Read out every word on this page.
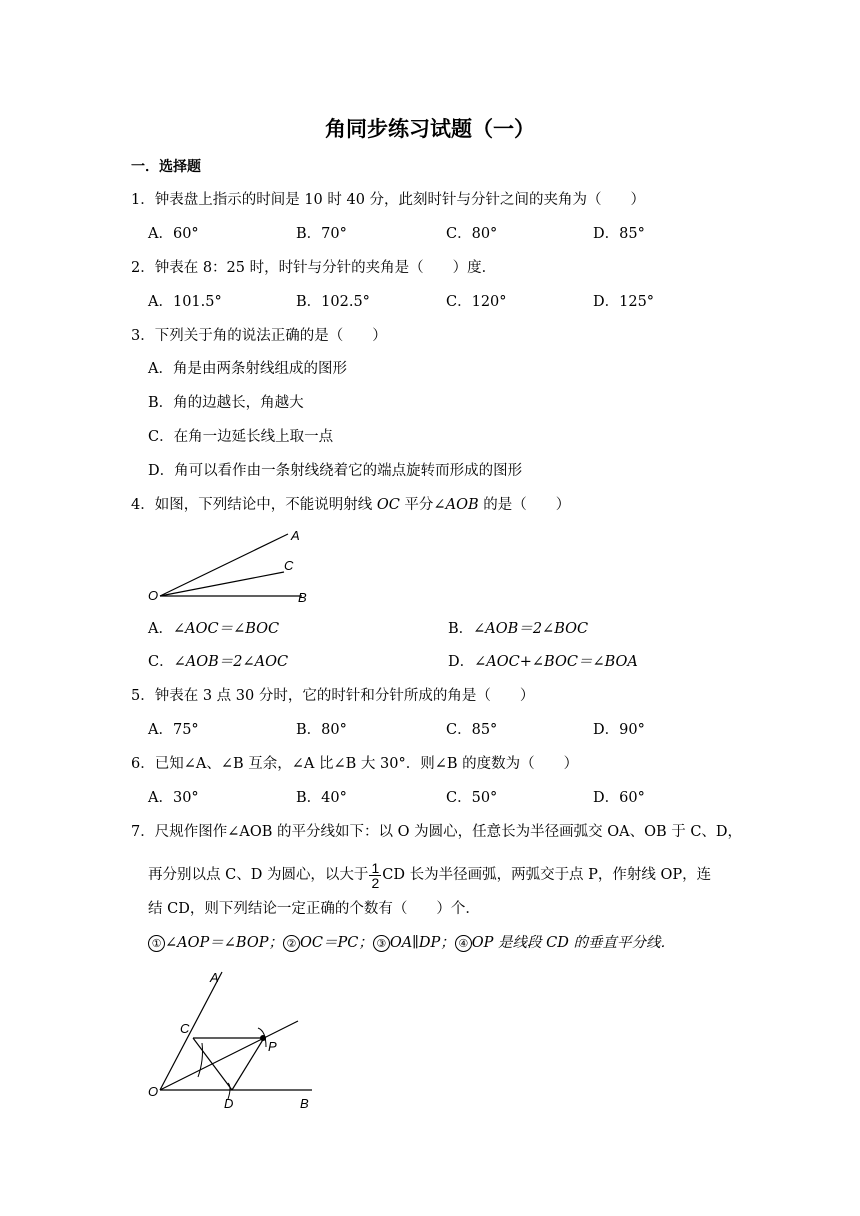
角同步练习试题（一）
一．选择题
1．钟表盘上指示的时间是 10 时 40 分，此刻时针与分针之间的夹角为（　　）
A．60°	B．70°	C．80°	D．85°
2．钟表在 8：25 时，时针与分针的夹角是（　　）度．
A．101.5°	B．102.5°	C．120°	D．125°
3．下列关于角的说法正确的是（　　）
A．角是由两条射线组成的图形
B．角的边越长，角越大
C．在角一边延长线上取一点
D．角可以看作由一条射线绕着它的端点旋转而形成的图形
4．如图，下列结论中，不能说明射线 OC 平分∠AOB 的是（　　）
A
C
O	B
A．∠AOC＝∠BOC	B．∠AOB＝2∠BOC
C．∠AOB＝2∠AOC	D．∠AOC+∠BOC＝∠BOA
5．钟表在 3 点 30 分时，它的时针和分针所成的角是（　　）
A．75°	B．80°	C．85°	D．90°
6．已知∠A、∠B 互余，∠A 比∠B 大 30°．则∠B 的度数为（　　）
A．30°	B．40°	C．50°	D．60°
7．尺规作图作∠AOB 的平分线如下：以 O 为圆心，任意长为半径画弧交 OA、OB 于 C、D，
再分别以点 C、D 为圆心，以大于 $\frac{1}{2}$ CD 长为半径画弧，两弧交于点 P，作射线 OP，连
结 CD，则下列结论一定正确的个数有（　　）个．
① ∠AOP＝∠BOP； ② OC＝PC； ③ OA∥DP； ④ OP 是线段 CD 的垂直平分线．
A
C
P
O
D	B
